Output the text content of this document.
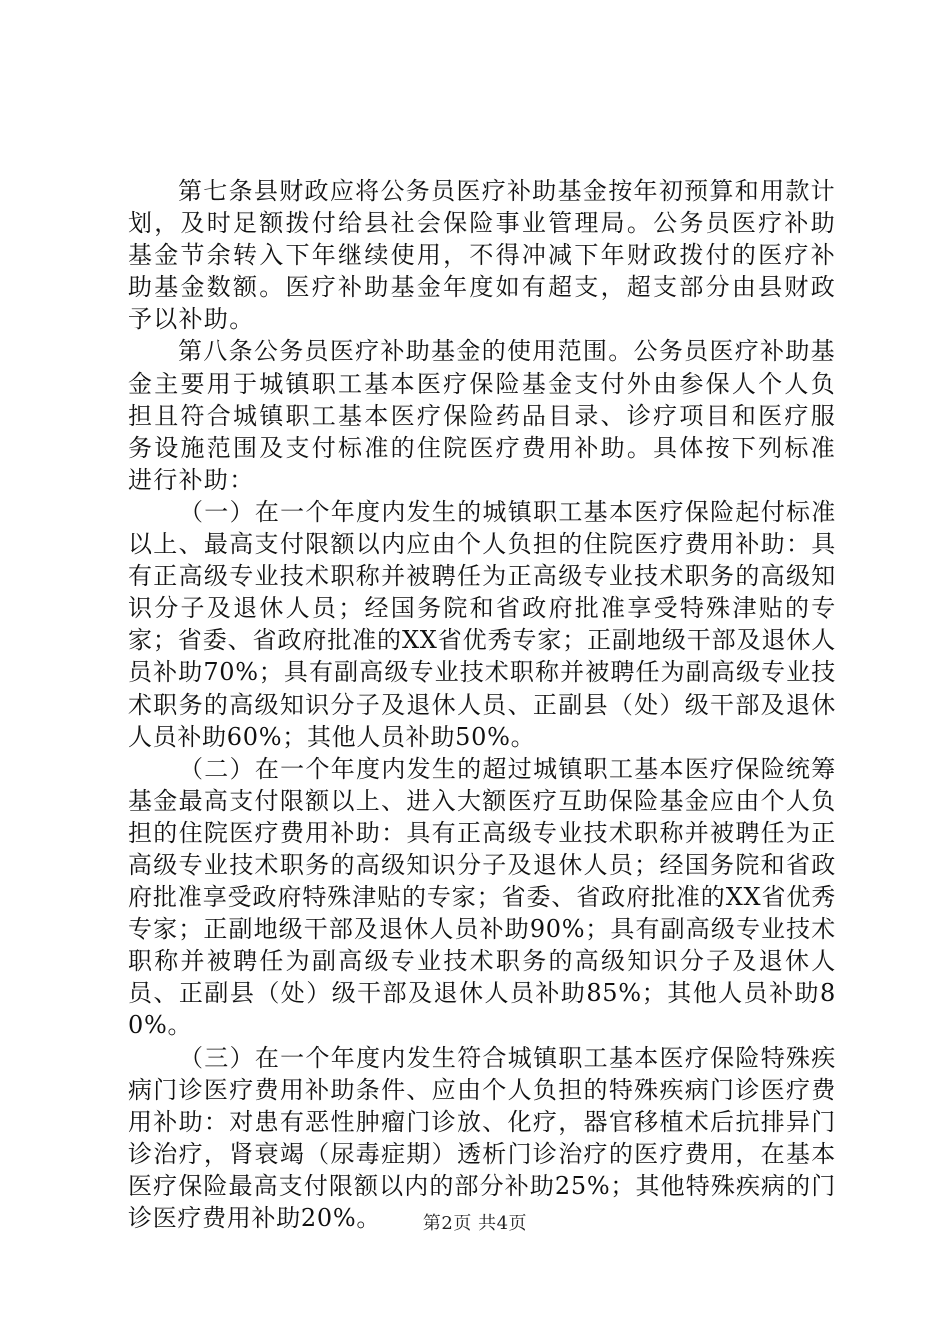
第七条县财政应将公务员医疗补助基金按年初预算和用款计划，及时足额拨付给县社会保险事业管理局。公务员医疗补助基金节余转入下年继续使用，不得冲减下年财政拨付的医疗补助基金数额。医疗补助基金年度如有超支，超支部分由县财政予以补助。

第八条公务员医疗补助基金的使用范围。公务员医疗补助基金主要用于城镇职工基本医疗保险基金支付外由参保人个人负担且符合城镇职工基本医疗保险药品目录、诊疗项目和医疗服务设施范围及支付标准的住院医疗费用补助。具体按下列标准进行补助：

（一）在一个年度内发生的城镇职工基本医疗保险起付标准以上、最高支付限额以内应由个人负担的住院医疗费用补助：具有正高级专业技术职称并被聘任为正高级专业技术职务的高级知识分子及退休人员；经国务院和省政府批准享受特殊津贴的专家；省委、省政府批准的XX省优秀专家；正副地级干部及退休人员补助70%；具有副高级专业技术职称并被聘任为副高级专业技术职务的高级知识分子及退休人员、正副县（处）级干部及退休人员补助60%；其他人员补助50%。

（二）在一个年度内发生的超过城镇职工基本医疗保险统筹基金最高支付限额以上、进入大额医疗互助保险基金应由个人负担的住院医疗费用补助：具有正高级专业技术职称并被聘任为正高级专业技术职务的高级知识分子及退休人员；经国务院和省政府批准享受政府特殊津贴的专家；省委、省政府批准的XX省优秀专家；正副地级干部及退休人员补助90%；具有副高级专业技术职称并被聘任为副高级专业技术职务的高级知识分子及退休人员、正副县（处）级干部及退休人员补助85%；其他人员补助80%。

（三）在一个年度内发生符合城镇职工基本医疗保险特殊疾病门诊医疗费用补助条件、应由个人负担的特殊疾病门诊医疗费用补助：对患有恶性肿瘤门诊放、化疗，器官移植术后抗排异门诊治疗，肾衰竭（尿毒症期）透析门诊治疗的医疗费用，在基本医疗保险最高支付限额以内的部分补助25%；其他特殊疾病的门诊医疗费用补助20%。	第2页 共4页
